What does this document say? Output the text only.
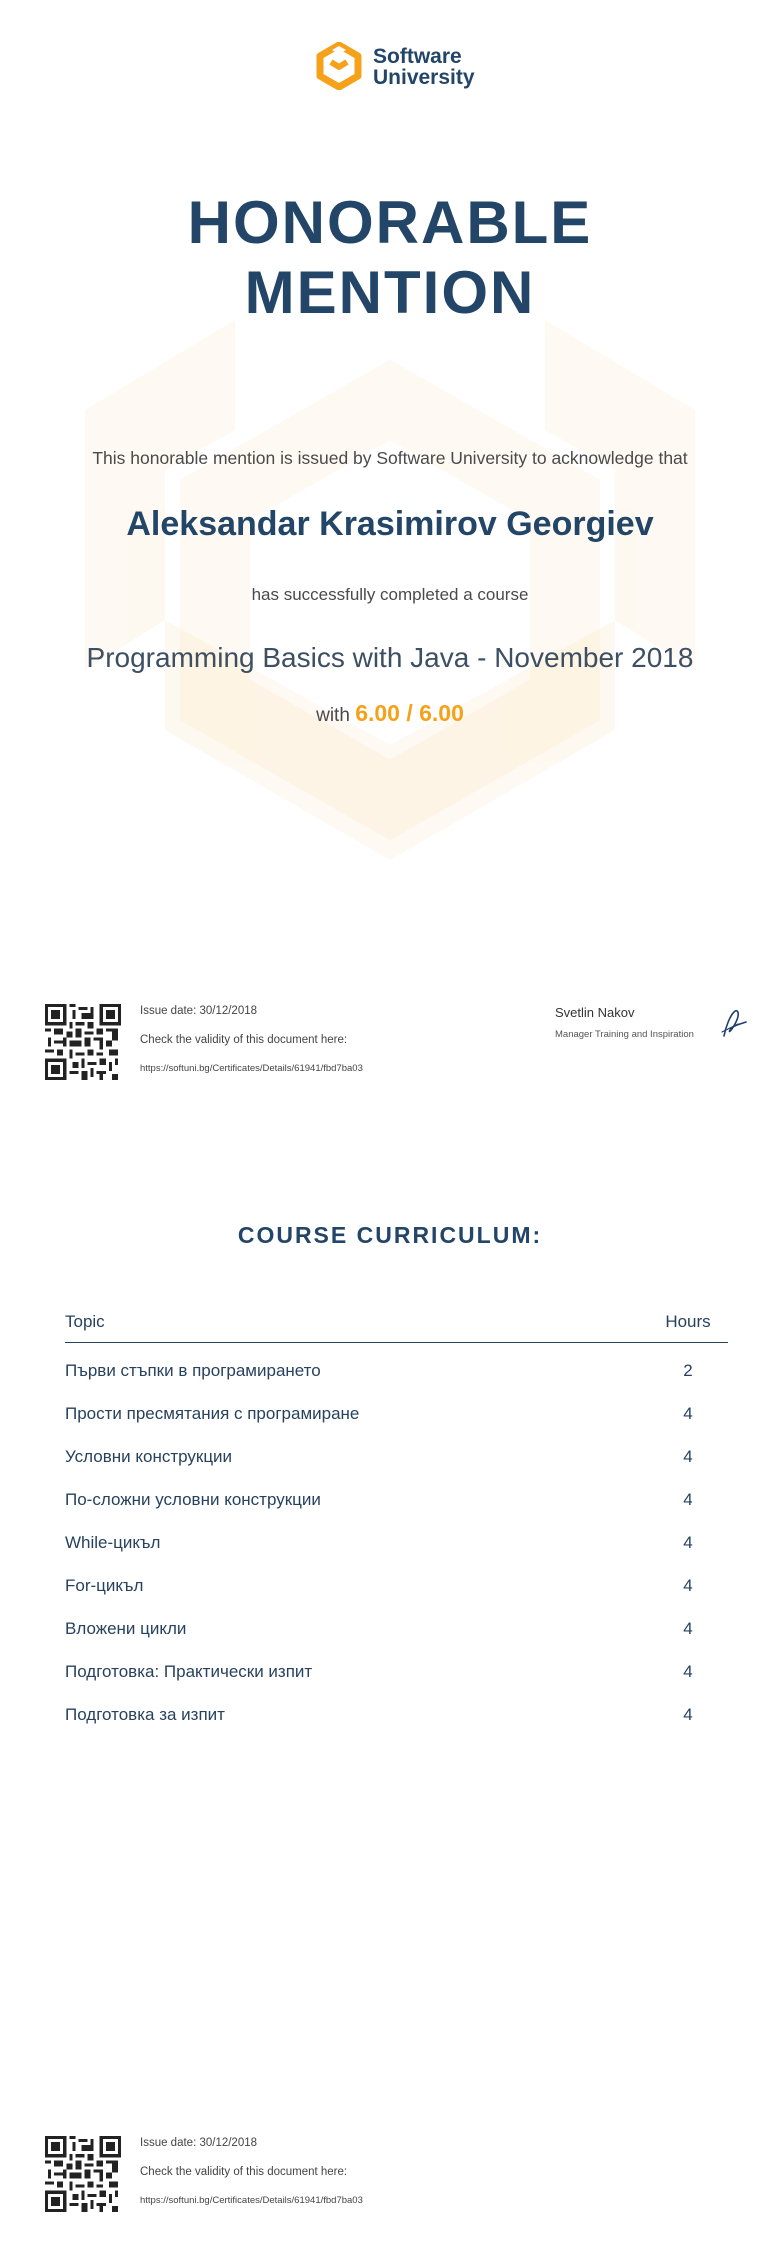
Software
University
HONORABLE
MENTION
This honorable mention is issued by Software University to acknowledge that
Aleksandar Krasimirov Georgiev
has successfully completed a course
Programming Basics with Java - November 2018
with 6.00 / 6.00
Issue date: 30/12/2018
Check the validity of this document here:
https://softuni.bg/Certificates/Details/61941/fbd7ba03
Svetlin Nakov
Manager Training and Inspiration
COURSE CURRICULUM:
Topic	Hours
Първи стъпки в програмирането	2
Прости пресмятания с програмиране	4
Условни конструкции	4
По-сложни условни конструкции	4
While-цикъл	4
For-цикъл	4
Вложени цикли	4
Подготовка: Практически изпит	4
Подготовка за изпит	4
Issue date: 30/12/2018
Check the validity of this document here:
https://softuni.bg/Certificates/Details/61941/fbd7ba03
